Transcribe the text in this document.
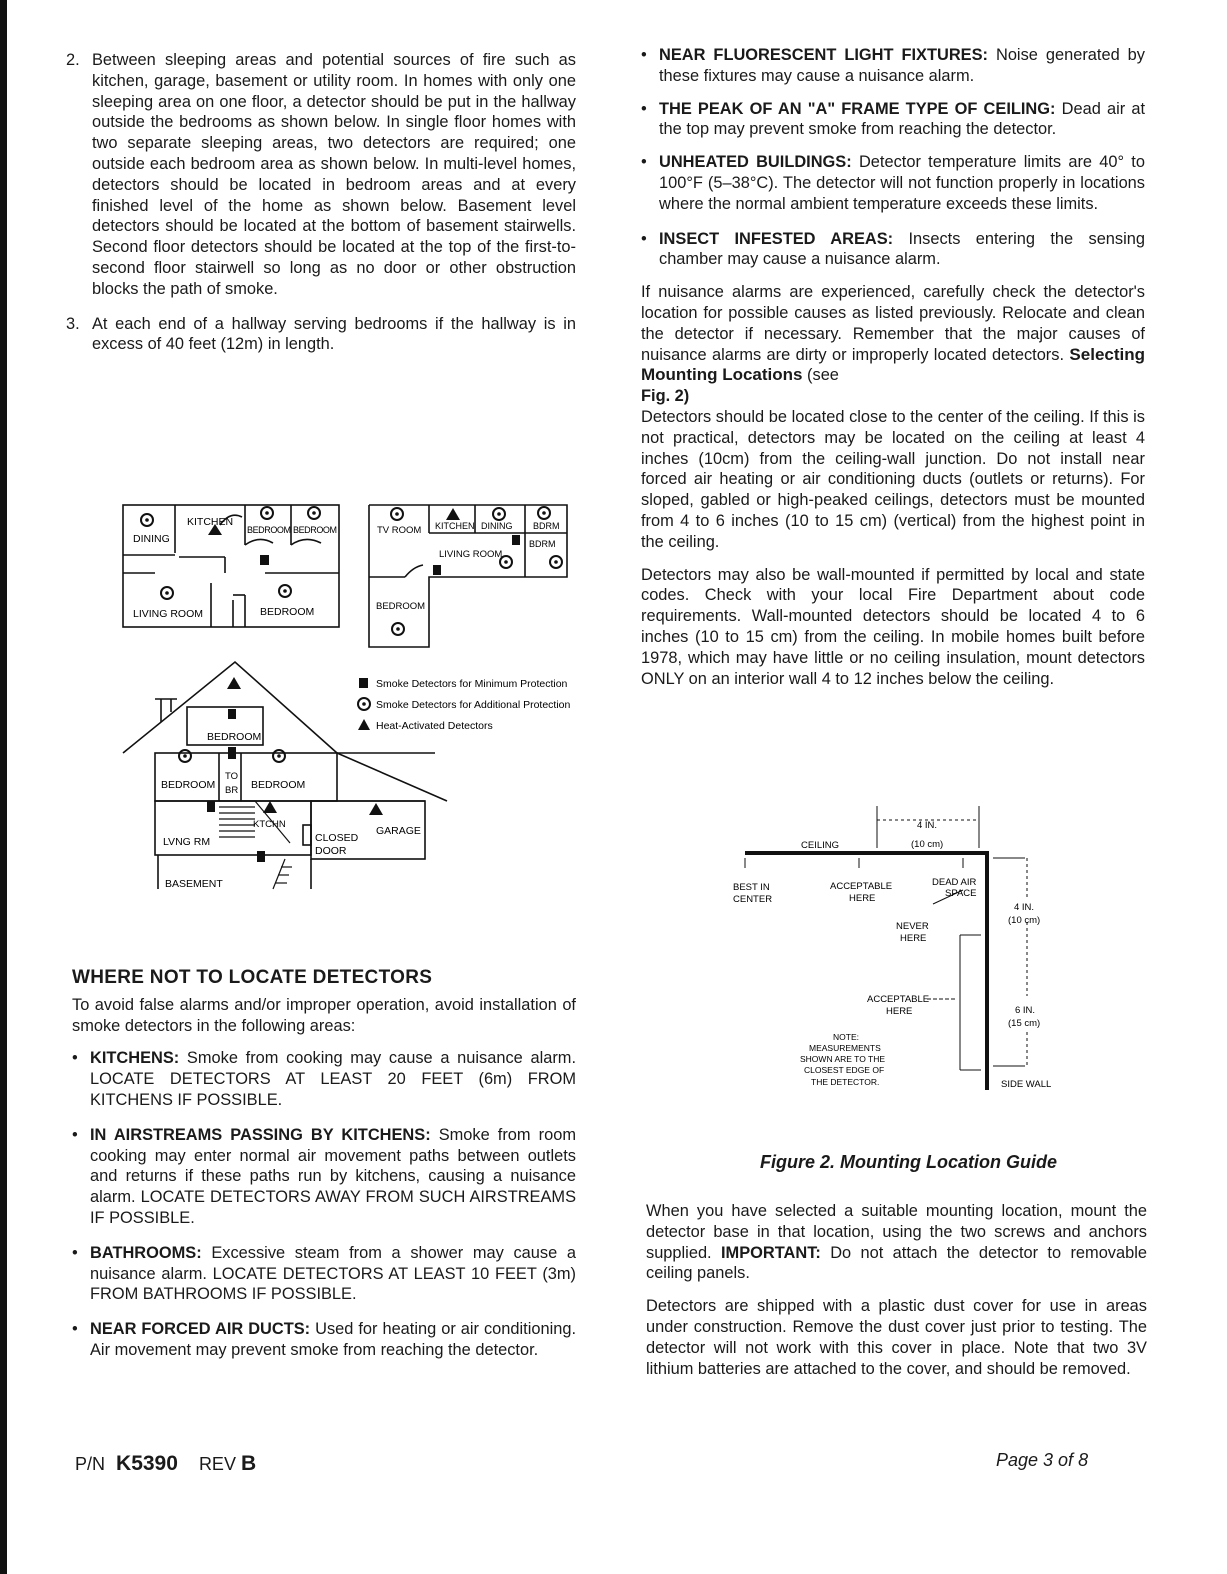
2. Between sleeping areas and potential sources of fire such as kitchen, garage, basement or utility room. In homes with only one sleeping area on one floor, a detector should be put in the hallway outside the bedrooms as shown below. In single floor homes with two separate sleeping areas, two detectors are required; one outside each bedroom area as shown below. In multi-level homes, detectors should be located in bedroom areas and at every finished level of the home as shown below. Basement level detectors should be located at the bottom of basement stairwells. Second floor detectors should be located at the top of the first-to-second floor stairwell so long as no door or other obstruction blocks the path of smoke.
3. At each end of a hallway serving bedrooms if the hallway is in excess of 40 feet (12m) in length.
DINING
KITCHEN
BEDROOM BEDROOM
LIVING ROOM	BEDROOM
TV ROOM KITCHEN DINING BDRM
LIVING ROOM
BDRM
BEDROOM
BEDROOM
BEDROOM
TO
BR BEDROOM
KTCHN
LVNG RM	CLOSED
DOOR
GARAGE
BASEMENT
Smoke Detectors for Minimum Protection
Smoke Detectors for Additional Protection
Heat-Activated Detectors
WHERE NOT TO LOCATE DETECTORS
To avoid false alarms and/or improper operation, avoid installation of smoke detectors in the following areas:
• KITCHENS: Smoke from cooking may cause a nuisance alarm. LOCATE DETECTORS AT LEAST 20 FEET (6m) FROM KITCHENS IF POSSIBLE.
• IN AIRSTREAMS PASSING BY KITCHENS: Smoke from room cooking may enter normal air movement paths between outlets and returns if these paths run by kitchens, causing a nuisance alarm. LOCATE DETECTORS AWAY FROM SUCH AIRSTREAMS IF POSSIBLE.
• BATHROOMS: Excessive steam from a shower may cause a nuisance alarm. LOCATE DETECTORS AT LEAST 10 FEET (3m) FROM BATHROOMS IF POSSIBLE.
• NEAR FORCED AIR DUCTS: Used for heating or air conditioning. Air movement may prevent smoke from reaching the detector.
• NEAR FLUORESCENT LIGHT FIXTURES: Noise generated by these fixtures may cause a nuisance alarm.
• THE PEAK OF AN "A" FRAME TYPE OF CEILING: Dead air at the top may prevent smoke from reaching the detector.
• UNHEATED BUILDINGS: Detector temperature limits are 40° to 100°F (5–38°C). The detector will not function properly in locations where the normal ambient temperature exceeds these limits.
• INSECT INFESTED AREAS: Insects entering the sensing chamber may cause a nuisance alarm.
If nuisance alarms are experienced, carefully check the detector's location for possible causes as listed previously. Relocate and clean the detector if necessary. Remember that the major causes of nuisance alarms are dirty or improperly located detectors. Selecting Mounting Locations (see
Fig. 2)
Detectors should be located close to the center of the ceiling. If this is not practical, detectors may be located on the ceiling at least 4 inches (10cm) from the ceiling-wall junction. Do not install near forced air heating or air conditioning ducts (outlets or returns). For sloped, gabled or high-peaked ceilings, detectors must be mounted from 4 to 6 inches (10 to 15 cm) (vertical) from the highest point in the ceiling.
Detectors may also be wall-mounted if permitted by local and state codes. Check with your local Fire Department about code requirements. Wall-mounted detectors should be located 4 to 6 inches (10 to 15 cm) from the ceiling. In mobile homes built before 1978, which may have little or no ceiling insulation, mount detectors ONLY on an interior wall 4 to 12 inches below the ceiling.
4 IN.
(10 cm)
CEILING
BEST IN
CENTER
ACCEPTABLE
HERE
DEAD AIR
SPACE
NEVER
HERE
4 IN.
(10 cm)
ACCEPTABLE
HERE	6 IN.
(15 cm)
NOTE:
MEASUREMENTS
SHOWN ARE TO THE
CLOSEST EDGE OF
THE DETECTOR.	SIDE WALL
Figure 2. Mounting Location Guide
When you have selected a suitable mounting location, mount the detector base in that location, using the two screws and anchors supplied. IMPORTANT: Do not attach the detector to removable ceiling panels.
Detectors are shipped with a plastic dust cover for use in areas under construction. Remove the dust cover just prior to testing. The detector will not work with this cover in place. Note that two 3V lithium batteries are attached to the cover, and should be removed.
P/N K5390 REV B	Page 3 of 8
